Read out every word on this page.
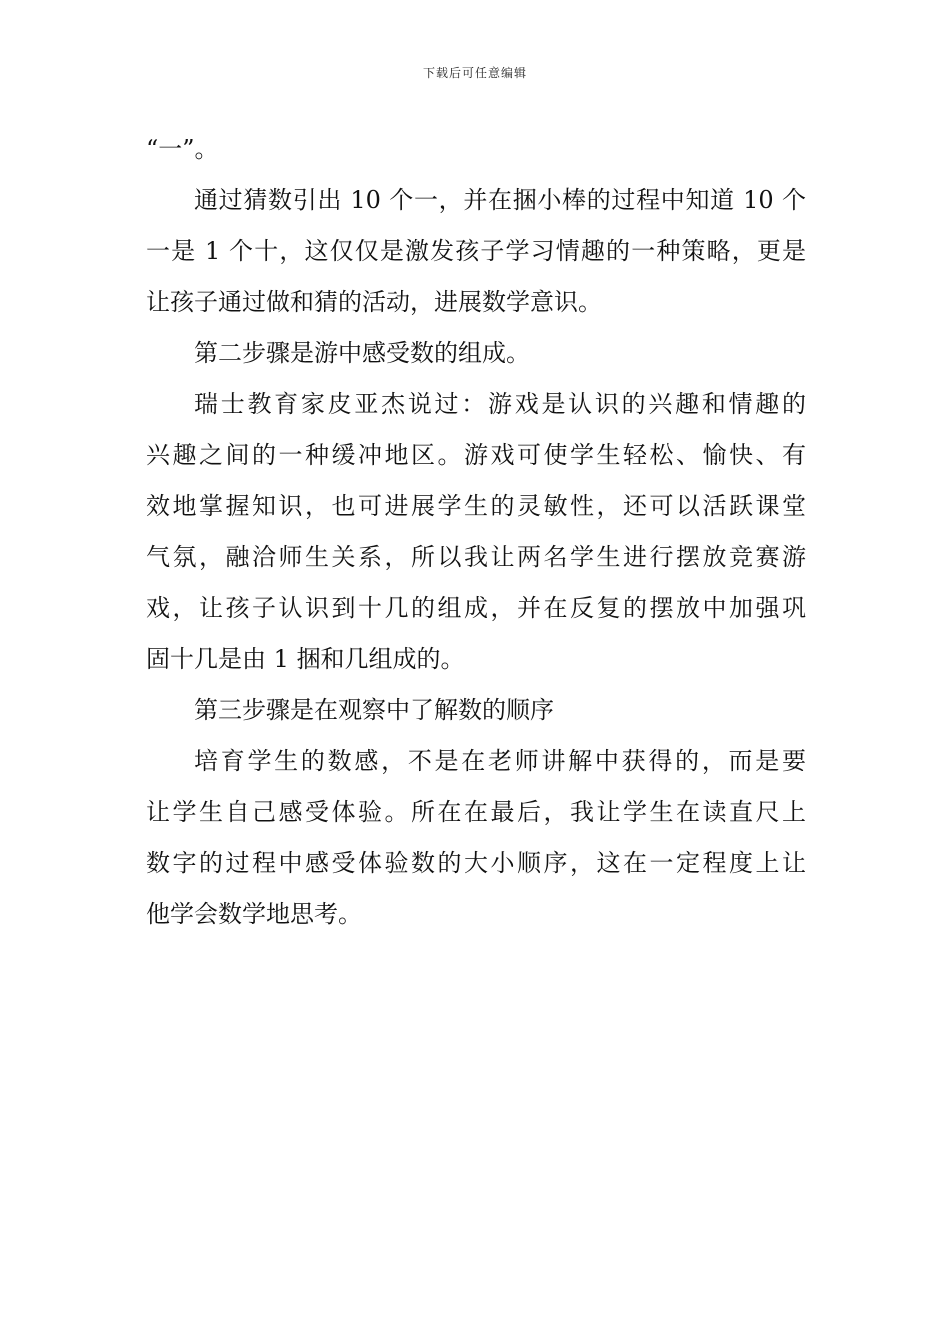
下载后可任意编辑
“一”。
通过猜数引出 10 个一，并在捆小棒的过程中知道 10 个
一是 1 个十，这仅仅是激发孩子学习情趣的一种策略，更是
让孩子通过做和猜的活动，进展数学意识。
第二步骤是游中感受数的组成。
瑞士教育家皮亚杰说过：游戏是认识的兴趣和情趣的
兴趣之间的一种缓冲地区。游戏可使学生轻松、愉快、有
效地掌握知识，也可进展学生的灵敏性，还可以活跃课堂
气氛，融洽师生关系，所以我让两名学生进行摆放竞赛游
戏，让孩子认识到十几的组成，并在反复的摆放中加强巩
固十几是由 1 捆和几组成的。
第三步骤是在观察中了解数的顺序
培育学生的数感，不是在老师讲解中获得的，而是要
让学生自己感受体验。所在在最后，我让学生在读直尺上
数字的过程中感受体验数的大小顺序，这在一定程度上让
他学会数学地思考。
